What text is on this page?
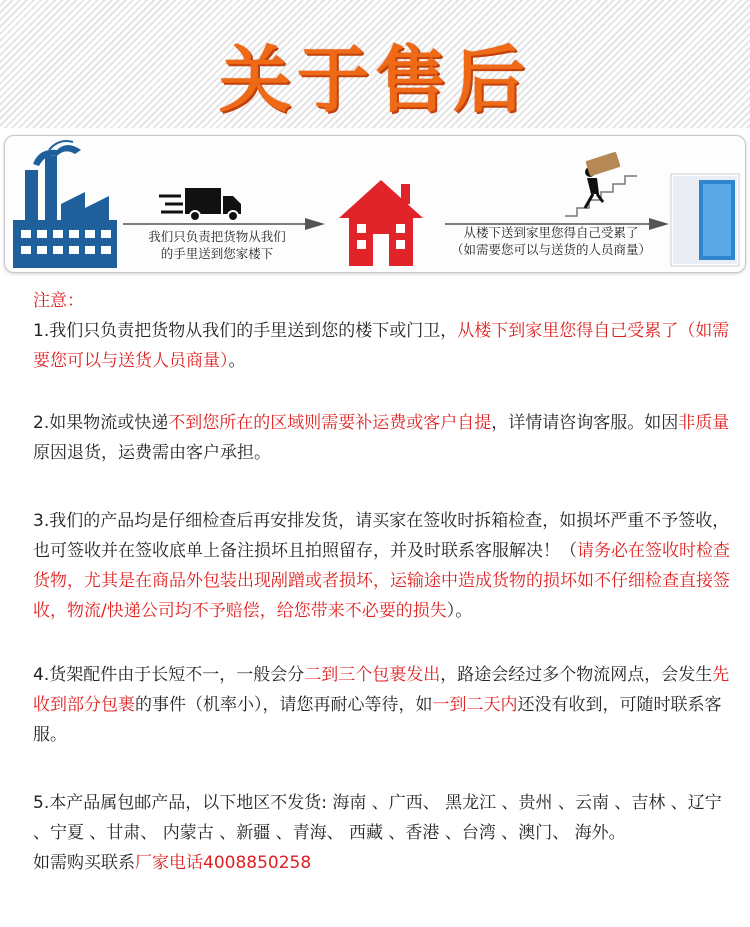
关于售后
我们只负责把货物从我们
的手里送到您家楼下
从楼下送到家里您得自己受累了
（如需要您可以与送货的人员商量）
注意：
1.我们只负责把货物从我们的手里送到您的楼下或门卫，从楼下到家里您得自己受累了（如需要您可以与送货人员商量）。
2.如果物流或快递不到您所在的区域则需要补运费或客户自提，详情请咨询客服。如因非质量原因退货，运费需由客户承担。
3.我们的产品均是仔细检查后再安排发货，请买家在签收时拆箱检查，如损坏严重不予签收，也可签收并在签收底单上备注损坏且拍照留存，并及时联系客服解决！（请务必在签收时检查货物，尤其是在商品外包装出现剐蹭或者损坏，运输途中造成货物的损坏如不仔细检查直接签收，物流/快递公司均不予赔偿，给您带来不必要的损失）。
4.货架配件由于长短不一，一般会分二到三个包裹发出，路途会经过多个物流网点，会发生先收到部分包裹的事件（机率小），请您再耐心等待，如一到二天内还没有收到，可随时联系客服。
5.本产品属包邮产品，以下地区不发货: 海南 、广西、 黑龙江 、贵州 、云南 、吉林 、辽宁 、宁夏 、甘肃、 内蒙古 、新疆 、青海、 西藏 、香港 、台湾 、澳门、 海外。
如需购买联系厂家电话4008850258
